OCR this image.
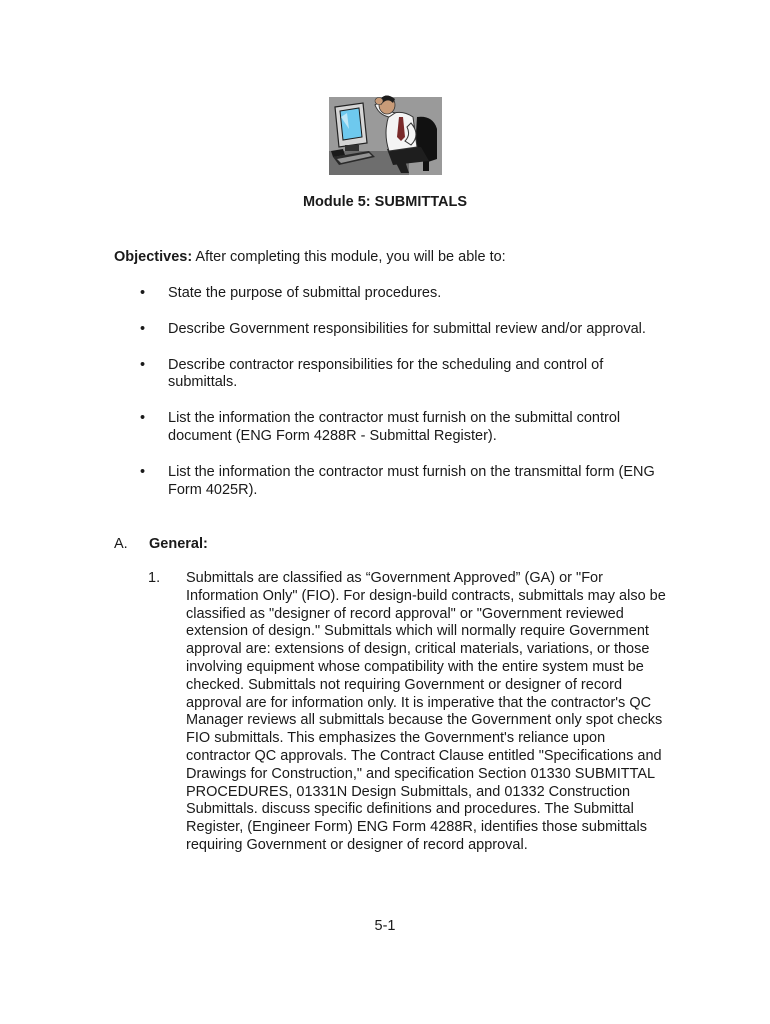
Module 5: SUBMITTALS
Objectives: After completing this module, you will be able to:
• State the purpose of submittal procedures.
• Describe Government responsibilities for submittal review and/or approval.
• Describe contractor responsibilities for the scheduling and control of submittals.
• List the information the contractor must furnish on the submittal control document (ENG Form 4288R - Submittal Register).
• List the information the contractor must furnish on the transmittal form (ENG Form 4025R).
A. General:
1. Submittals are classified as “Government Approved” (GA) or "For Information Only" (FIO). For design-build contracts, submittals may also be classified as "designer of record approval" or "Government reviewed extension of design." Submittals which will normally require Government approval are: extensions of design, critical materials, variations, or those involving equipment whose compatibility with the entire system must be checked. Submittals not requiring Government or designer of record approval are for information only. It is imperative that the contractor's QC Manager reviews all submittals because the Government only spot checks FIO submittals. This emphasizes the Government's reliance upon contractor QC approvals. The Contract Clause entitled "Specifications and Drawings for Construction," and specification Section 01330 SUBMITTAL PROCEDURES, 01331N Design Submittals, and 01332 Construction Submittals. discuss specific definitions and procedures. The Submittal Register, (Engineer Form) ENG Form 4288R, identifies those submittals requiring Government or designer of record approval.
5-1
